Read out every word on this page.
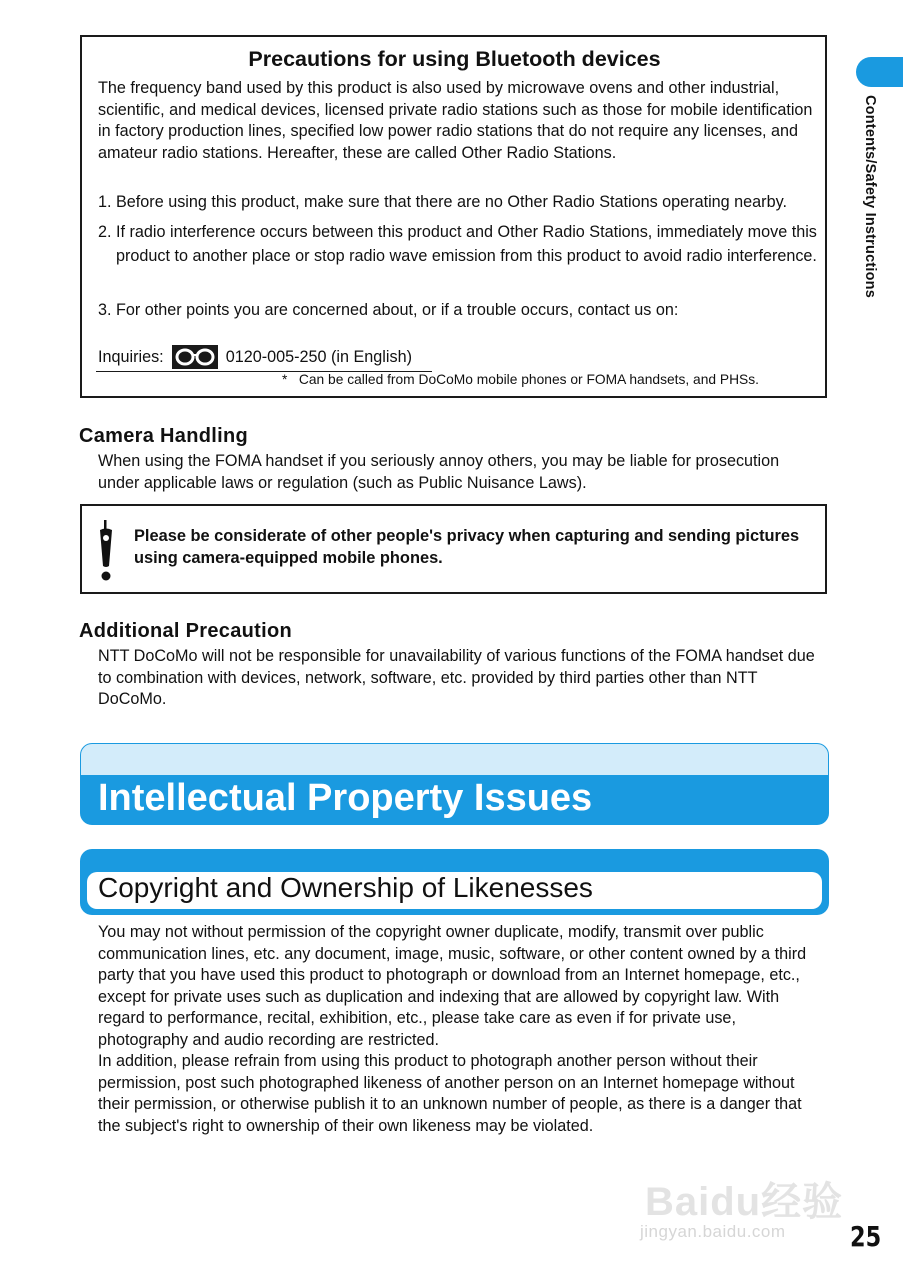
Contents/Safety Instructions
Precautions for using Bluetooth devices
The frequency band used by this product is also used by microwave ovens and other industrial, scientific, and medical devices, licensed private radio stations such as those for mobile identification in factory production lines, specified low power radio stations that do not require any licenses, and amateur radio stations. Hereafter, these are called Other Radio Stations.
1. Before using this product, make sure that there are no Other Radio Stations operating nearby.
2. If radio interference occurs between this product and Other Radio Stations, immediately move this product to another place or stop radio wave emission from this product to avoid radio interference.
3. For other points you are concerned about, or if a trouble occurs, contact us on:
Inquiries:	0120-005-250 (in English)
* Can be called from DoCoMo mobile phones or FOMA handsets, and PHSs.
Camera Handling
When using the FOMA handset if you seriously annoy others, you may be liable for prosecution under applicable laws or regulation (such as Public Nuisance Laws).
Please be considerate of other people's privacy when capturing and sending pictures using camera-equipped mobile phones.
Additional Precaution
NTT DoCoMo will not be responsible for unavailability of various functions of the FOMA handset due to combination with devices, network, software, etc. provided by third parties other than NTT DoCoMo.
Intellectual Property Issues
Copyright and Ownership of Likenesses
You may not without permission of the copyright owner duplicate, modify, transmit over public communication lines, etc. any document, image, music, software, or other content owned by a third party that you have used this product to photograph or download from an Internet homepage, etc., except for private uses such as duplication and indexing that are allowed by copyright law. With regard to performance, recital, exhibition, etc., please take care as even if for private use, photography and audio recording are restricted.
In addition, please refrain from using this product to photograph another person without their permission, post such photographed likeness of another person on an Internet homepage without their permission, or otherwise publish it to an unknown number of people, as there is a danger that the subject's right to ownership of their own likeness may be violated.
Baidu经验
jingyan.baidu.com 25
